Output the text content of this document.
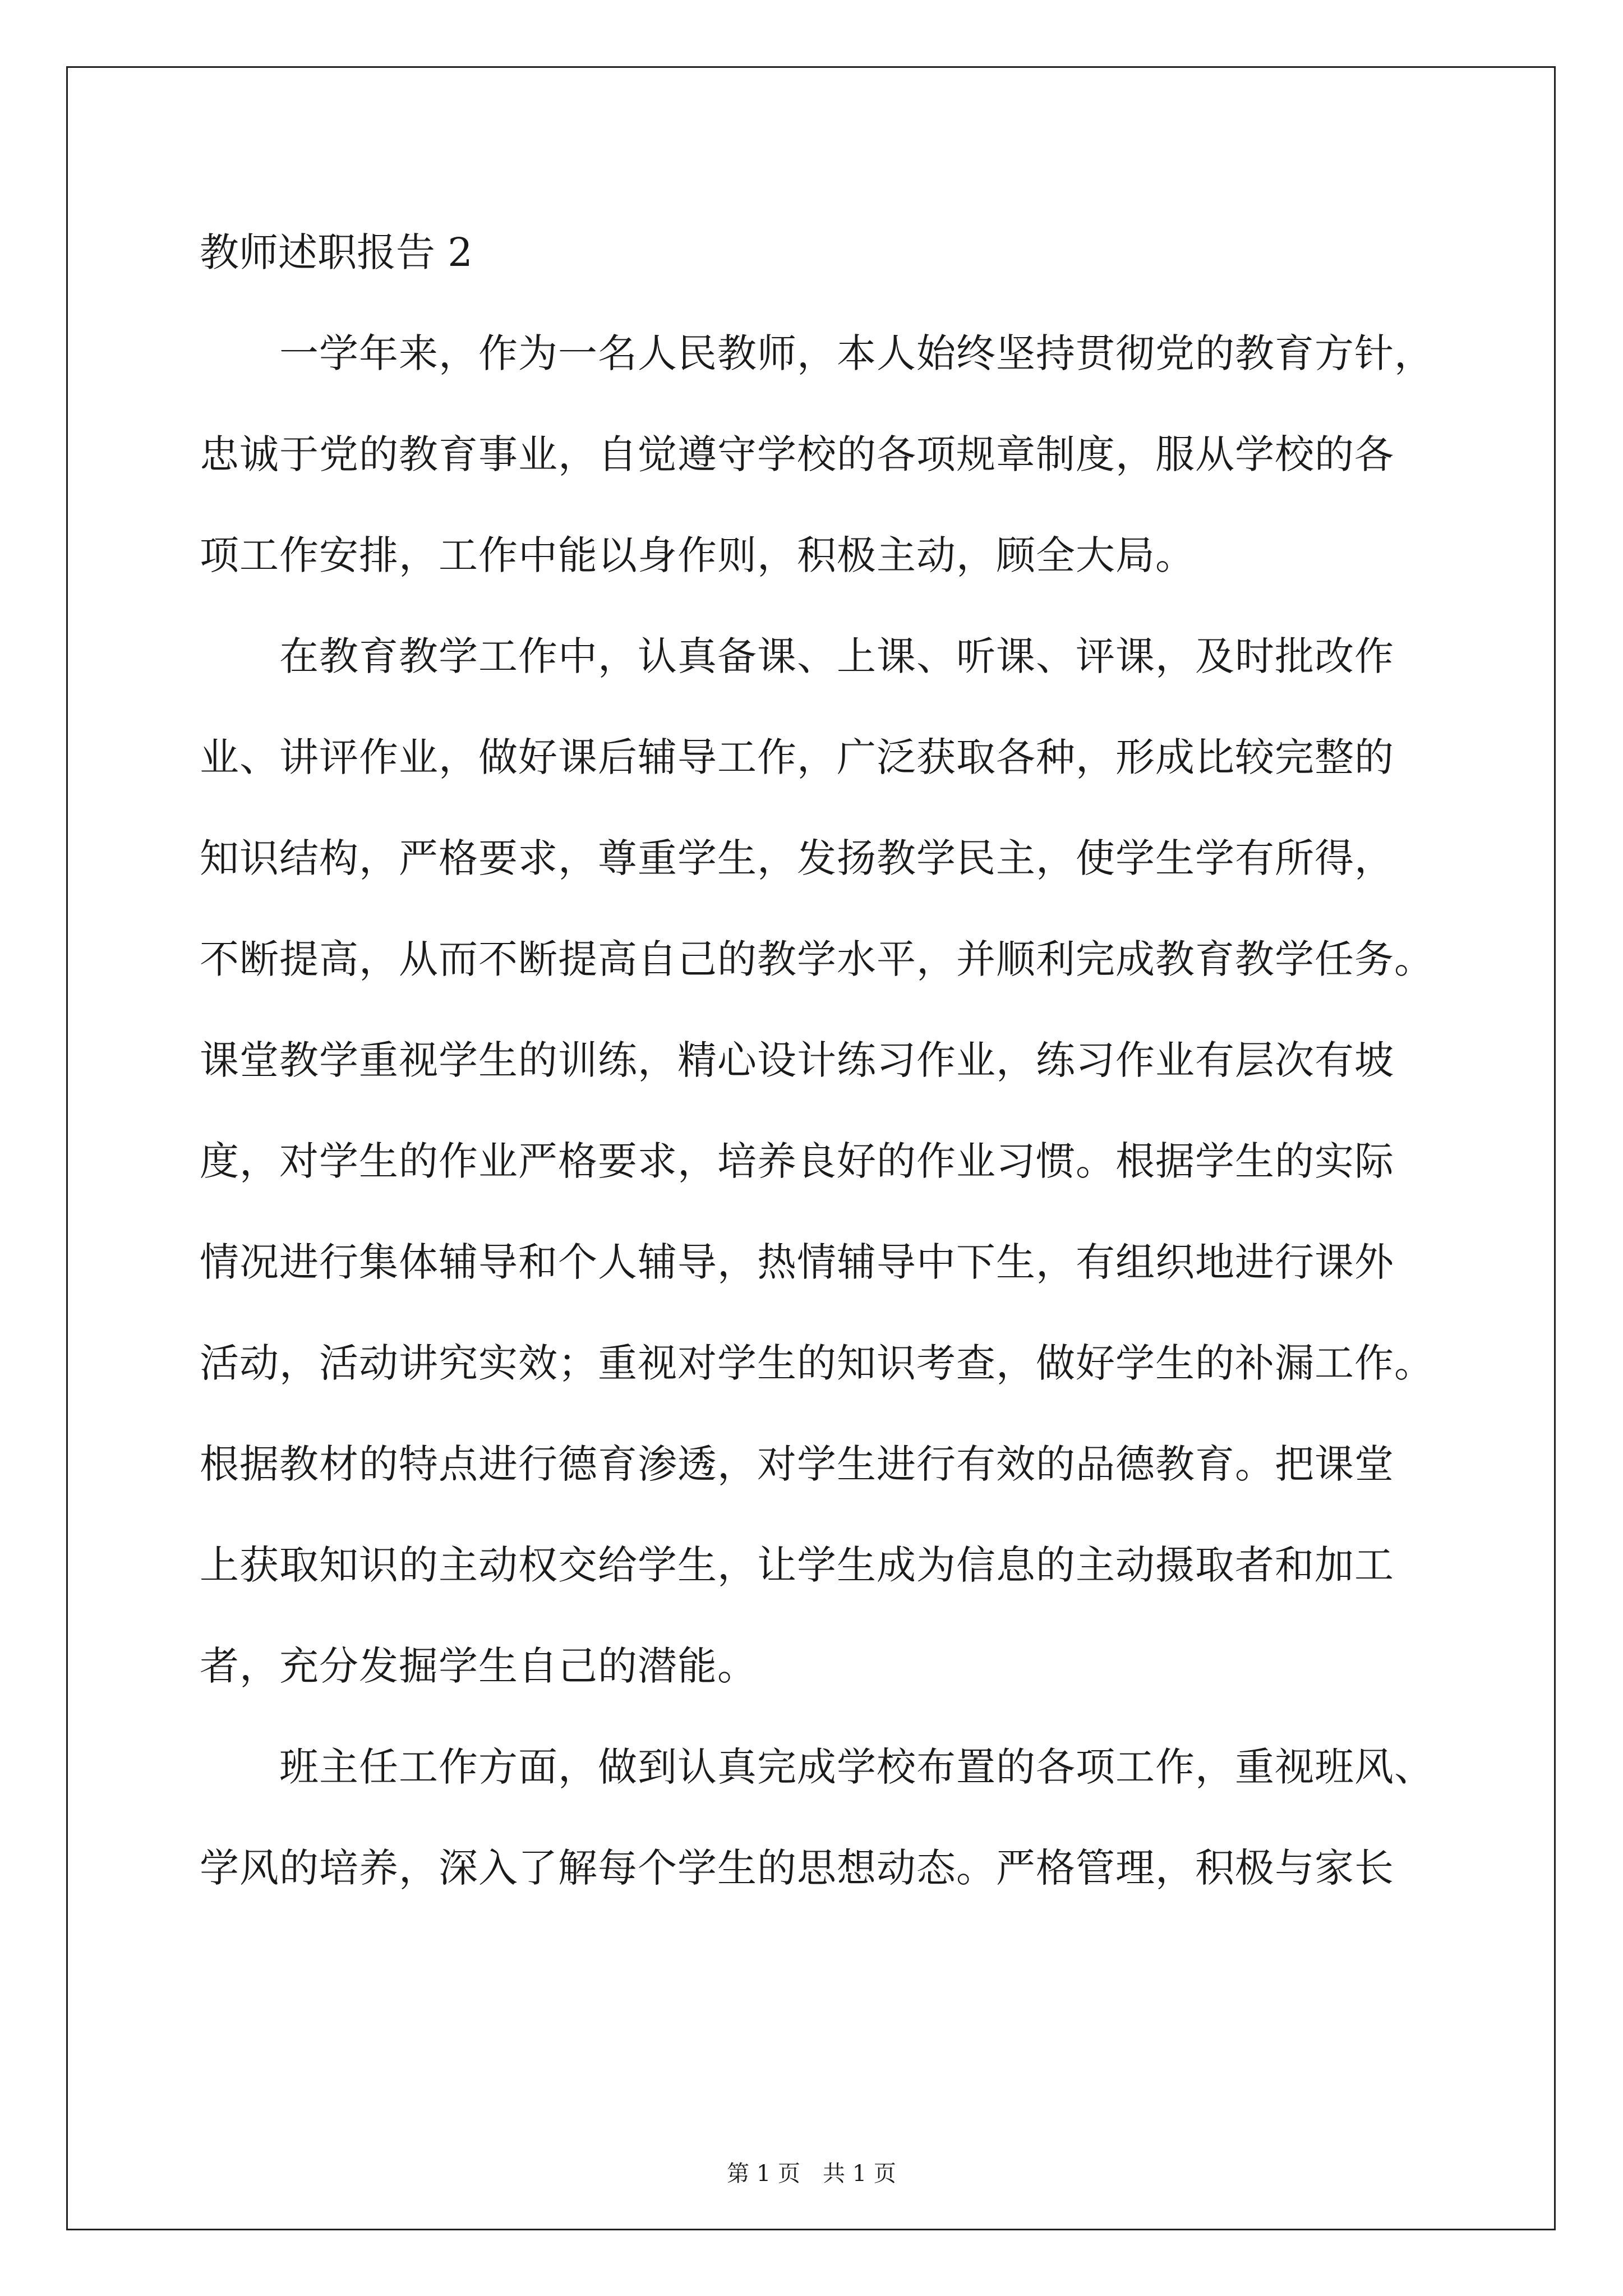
教师述职报告 2
　　一学年来，作为一名人民教师，本人始终坚持贯彻党的教育方针，
忠诚于党的教育事业，自觉遵守学校的各项规章制度，服从学校的各
项工作安排，工作中能以身作则，积极主动，顾全大局。
　　在教育教学工作中，认真备课、上课、听课、评课，及时批改作
业、讲评作业，做好课后辅导工作，广泛获取各种，形成比较完整的
知识结构，严格要求，尊重学生，发扬教学民主，使学生学有所得，
不断提高，从而不断提高自己的教学水平，并顺利完成教育教学任务。
课堂教学重视学生的训练，精心设计练习作业，练习作业有层次有坡
度，对学生的作业严格要求，培养良好的作业习惯。根据学生的实际
情况进行集体辅导和个人辅导，热情辅导中下生，有组织地进行课外
活动，活动讲究实效；重视对学生的知识考查，做好学生的补漏工作。
根据教材的特点进行德育渗透，对学生进行有效的品德教育。把课堂
上获取知识的主动权交给学生，让学生成为信息的主动摄取者和加工
者，充分发掘学生自己的潜能。
　　班主任工作方面，做到认真完成学校布置的各项工作，重视班风、
学风的培养，深入了解每个学生的思想动态。严格管理，积极与家长
第 1 页　共 1 页
